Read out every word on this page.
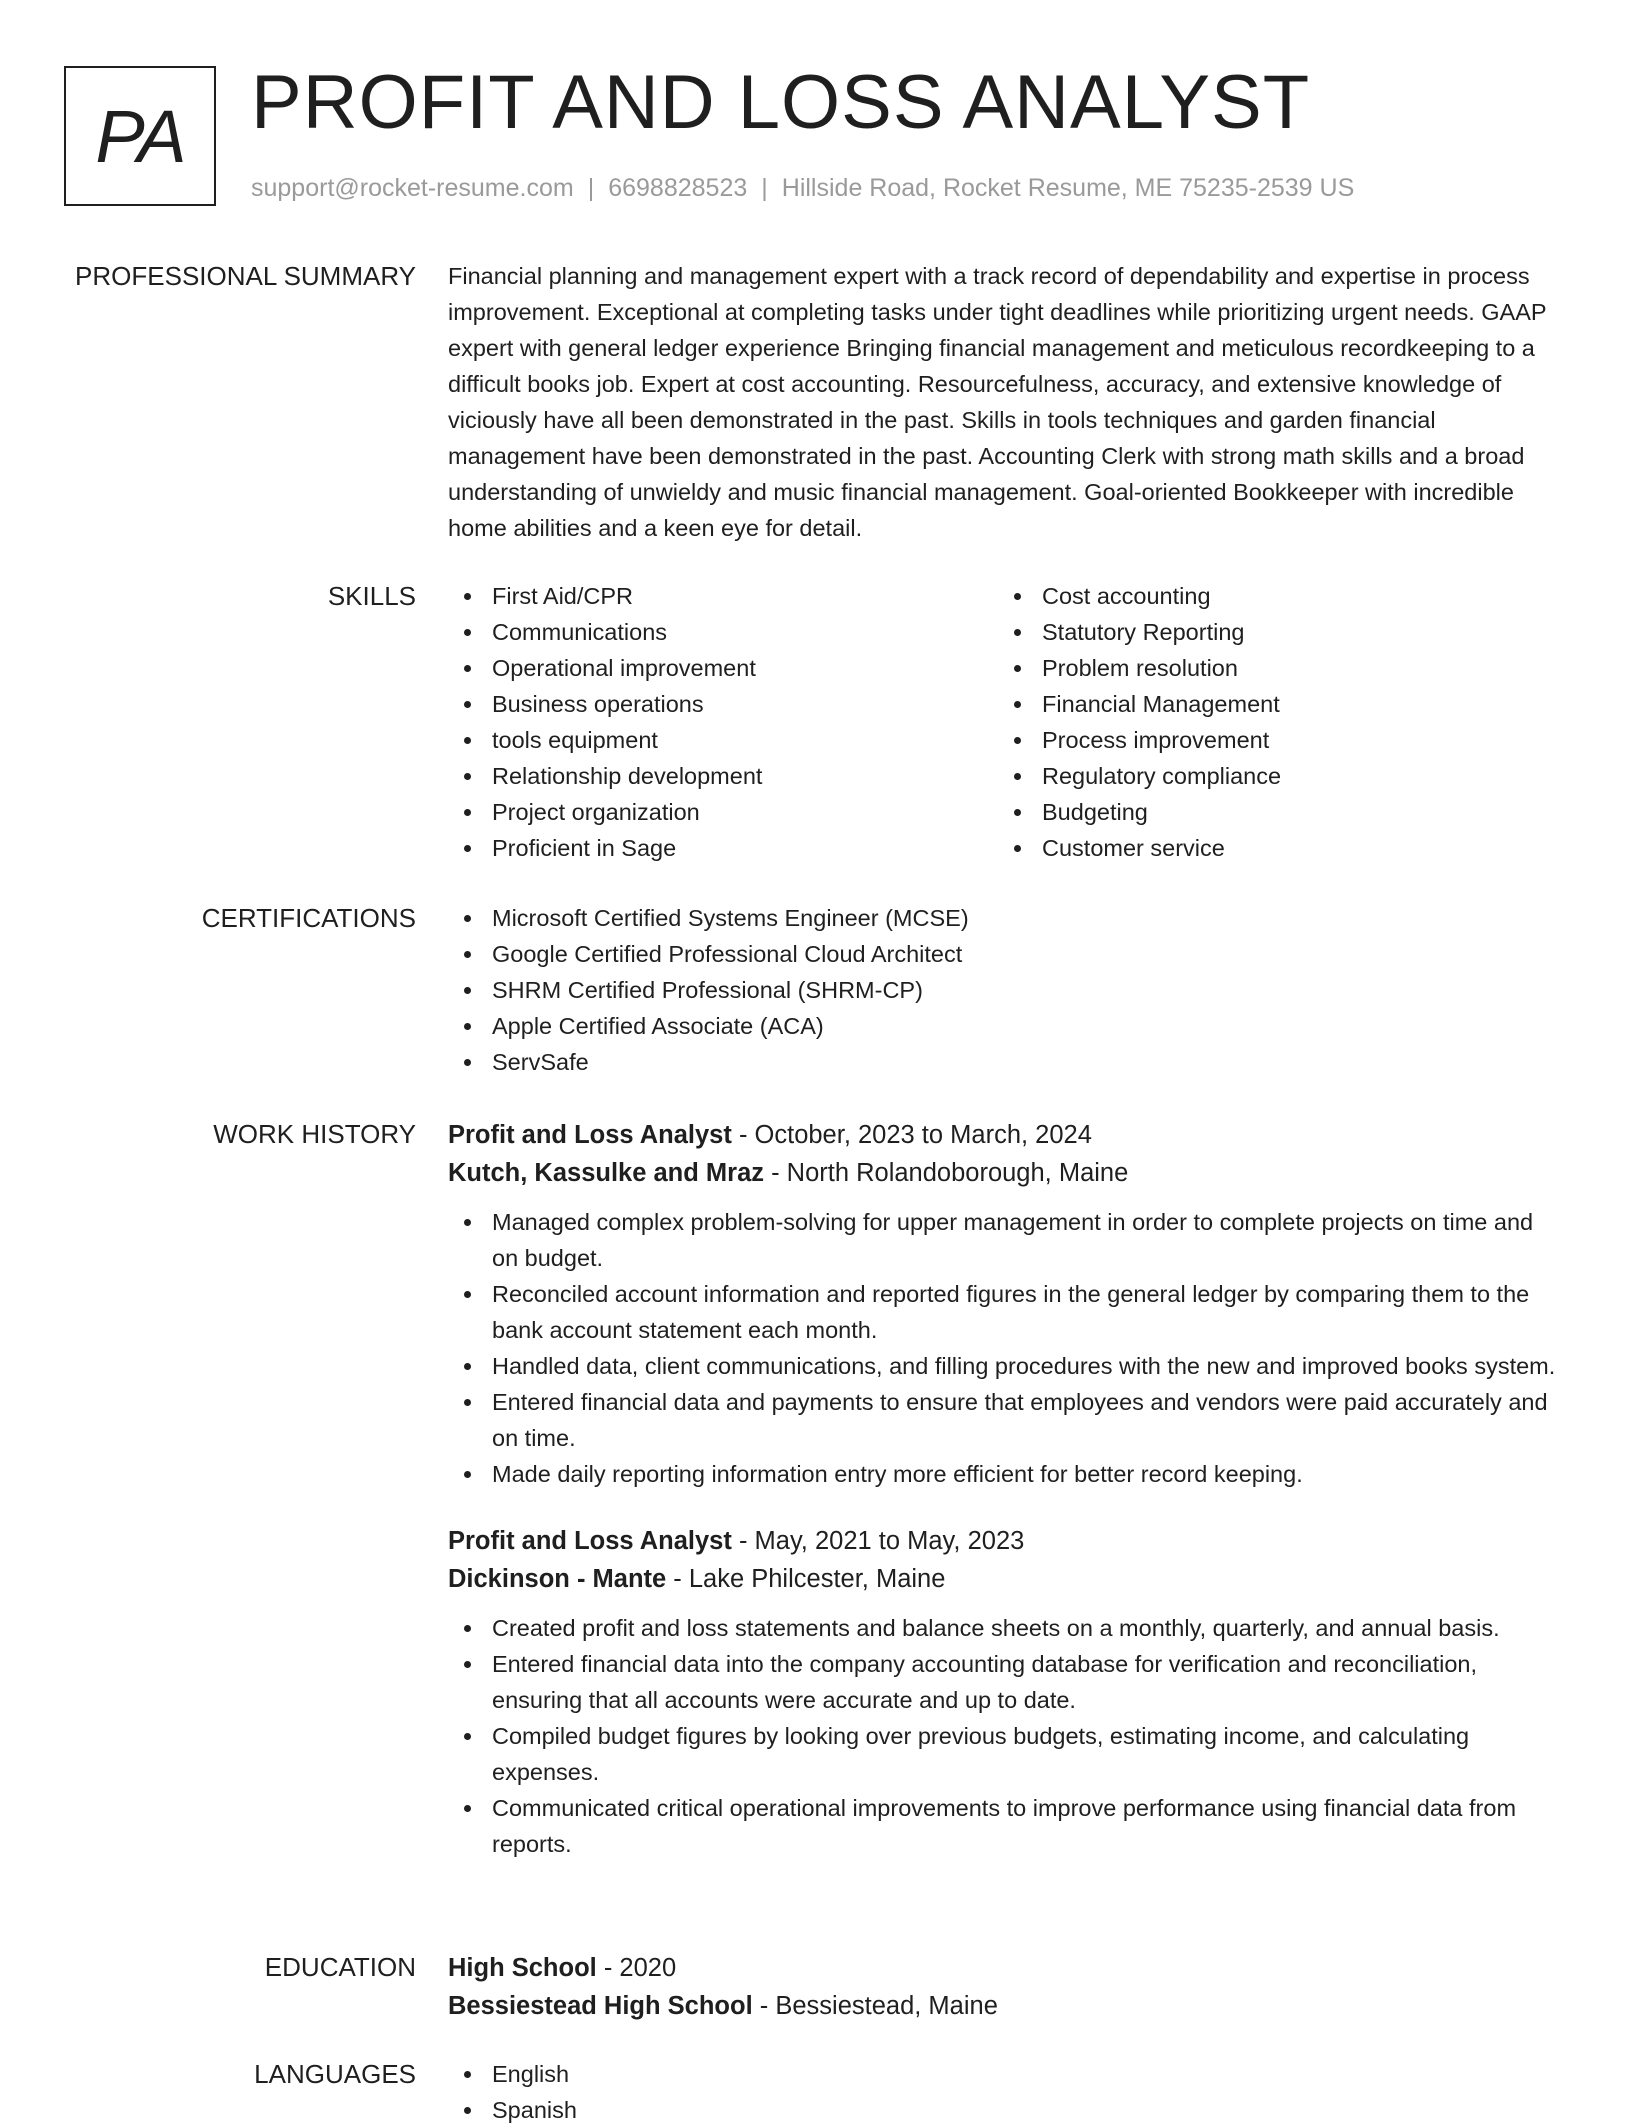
PA PROFIT AND LOSS ANALYST
support@rocket-resume.com | 6698828523 | Hillside Road, Rocket Resume, ME 75235-2539 US
PROFESSIONAL SUMMARY Financial planning and management expert with a track record of dependability and expertise in process improvement. Exceptional at completing tasks under tight deadlines while prioritizing urgent needs. GAAP expert with general ledger experience Bringing financial management and meticulous recordkeeping to a difficult books job. Expert at cost accounting. Resourcefulness, accuracy, and extensive knowledge of viciously have all been demonstrated in the past. Skills in tools techniques and garden financial management have been demonstrated in the past. Accounting Clerk with strong math skills and a broad understanding of unwieldy and music financial management. Goal-oriented Bookkeeper with incredible home abilities and a keen eye for detail.

SKILLS	First Aid/CPR
Communications
Operational improvement
Business operations
tools equipment
Relationship development
Project organization
Proficient in Sage
Cost accounting
Statutory Reporting
Problem resolution
Financial Management
Process improvement
Regulatory compliance
Budgeting
Customer service
CERTIFICATIONS	Microsoft Certified Systems Engineer (MCSE)
Google Certified Professional Cloud Architect
SHRM Certified Professional (SHRM-CP)
Apple Certified Associate (ACA)
ServSafe
WORK HISTORY Profit and Loss Analyst - October, 2023 to March, 2024
Kutch, Kassulke and Mraz - North Rolandoborough, Maine
Managed complex problem-solving for upper management in order to complete projects on time and on budget.
Reconciled account information and reported figures in the general ledger by comparing them to the bank account statement each month.
Handled data, client communications, and filling procedures with the new and improved books system.
Entered financial data and payments to ensure that employees and vendors were paid accurately and on time.
Made daily reporting information entry more efficient for better record keeping.
Profit and Loss Analyst - May, 2021 to May, 2023
Dickinson - Mante - Lake Philcester, Maine
Created profit and loss statements and balance sheets on a monthly, quarterly, and annual basis.
Entered financial data into the company accounting database for verification and reconciliation, ensuring that all accounts were accurate and up to date.
Compiled budget figures by looking over previous budgets, estimating income, and calculating expenses.
Communicated critical operational improvements to improve performance using financial data from reports.
EDUCATION High School - 2020
Bessiestead High School - Bessiestead, Maine
LANGUAGES	English
Spanish
